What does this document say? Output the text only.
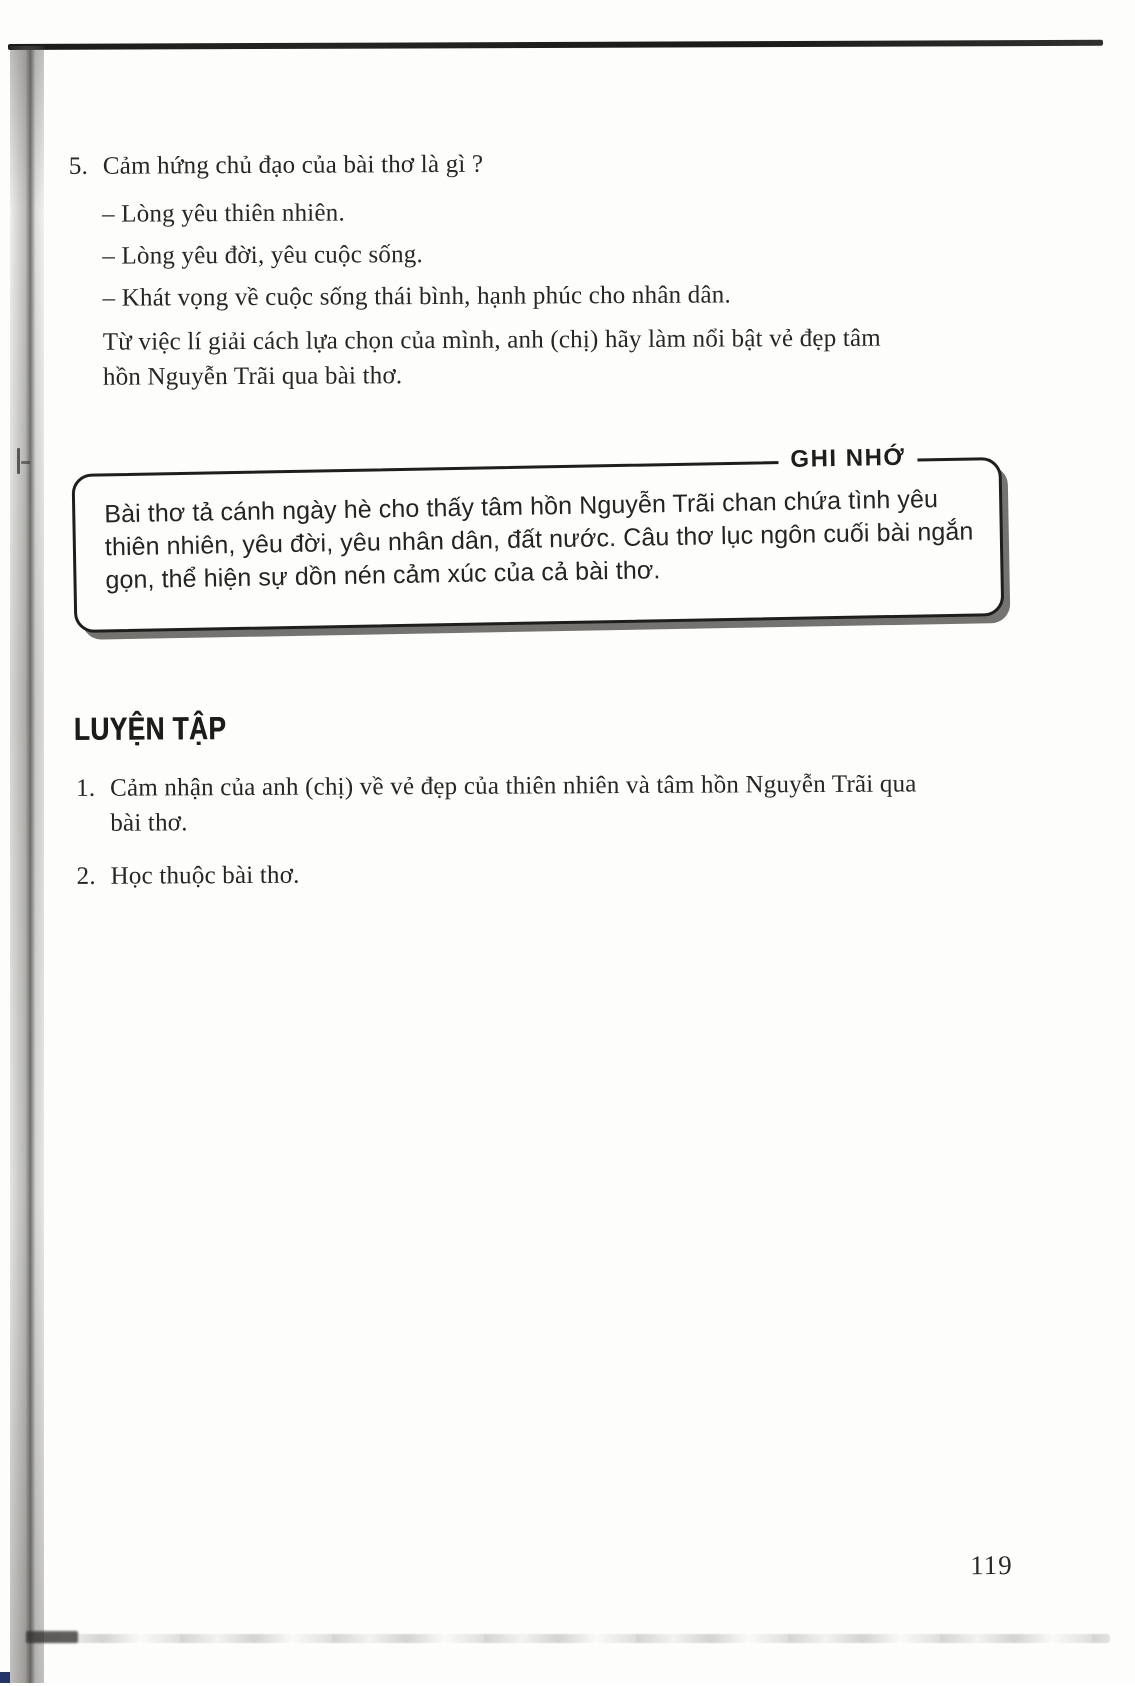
5. Cảm hứng chủ đạo của bài thơ là gì ?
– Lòng yêu thiên nhiên.
– Lòng yêu đời, yêu cuộc sống.
– Khát vọng về cuộc sống thái bình, hạnh phúc cho nhân dân.
Từ việc lí giải cách lựa chọn của mình, anh (chị) hãy làm nổi bật vẻ đẹp tâm
hồn Nguyễn Trãi qua bài thơ.
GHI NHỚ
Bài thơ tả cánh ngày hè cho thấy tâm hồn Nguyễn Trãi chan chứa tình yêu
thiên nhiên, yêu đời, yêu nhân dân, đất nước. Câu thơ lục ngôn cuối bài ngắn
gọn, thể hiện sự dồn nén cảm xúc của cả bài thơ.
LUYỆN TẬP
1. Cảm nhận của anh (chị) về vẻ đẹp của thiên nhiên và tâm hồn Nguyễn Trãi qua
bài thơ.
2. Học thuộc bài thơ.
119
